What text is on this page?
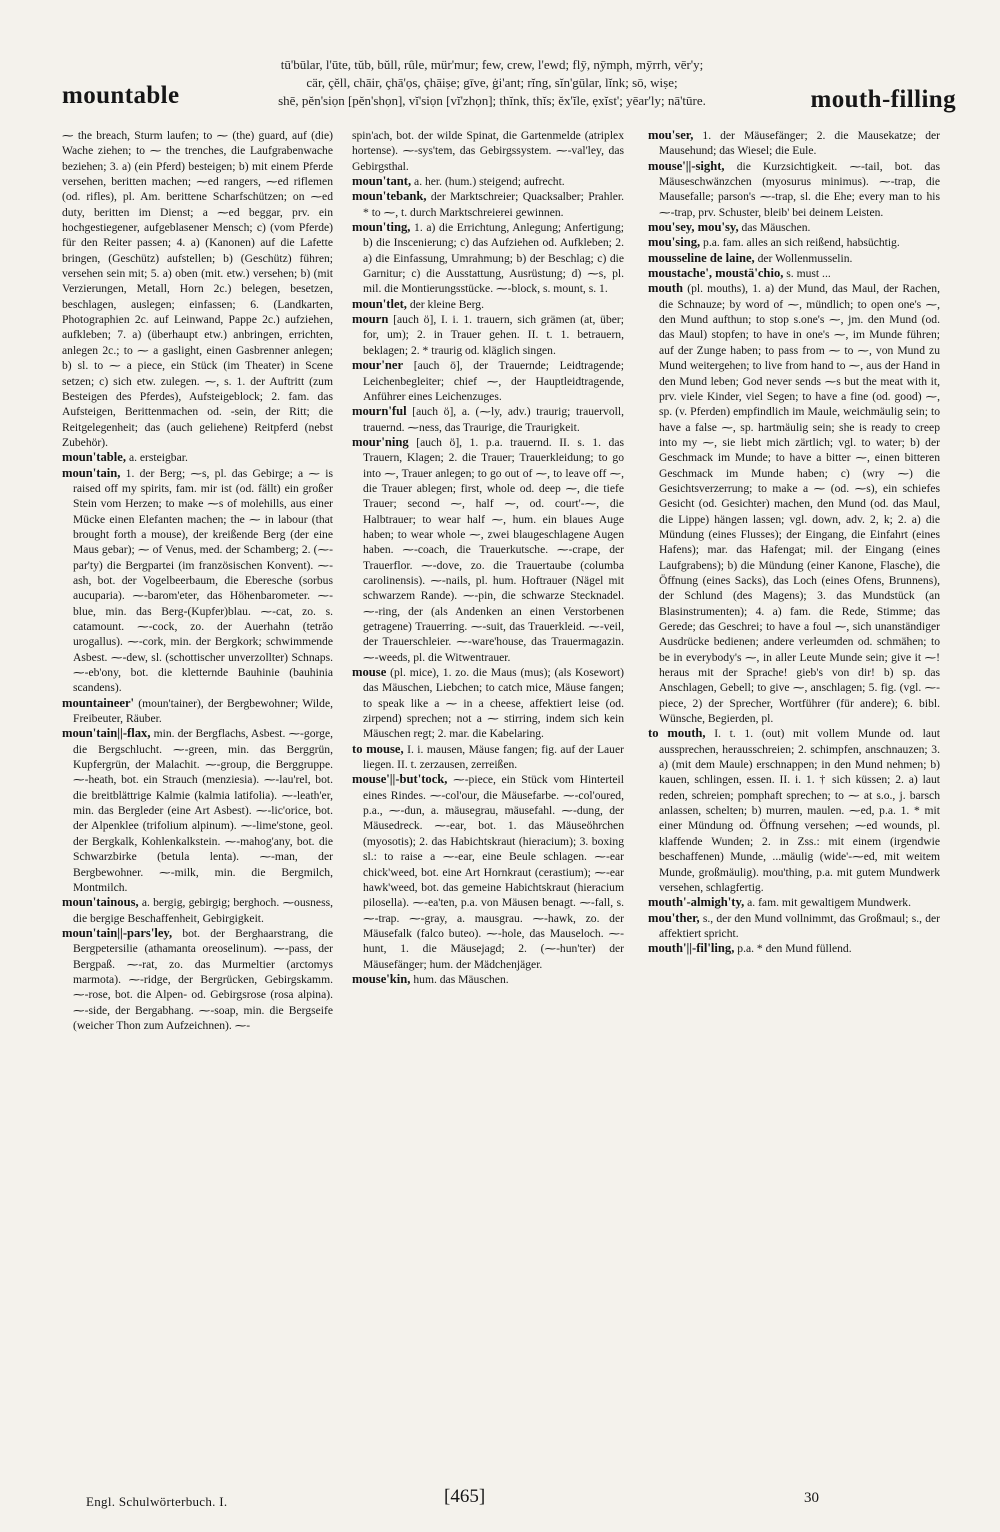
mountable	mouth-filling
tū'būlar, l'ūte, tŭb, bŭll, rûle, mür'mur; few, crew, l'ewd; flȳ, nȳmph, mȳrrh, vēr'y;
cär, çĕll, chāir, çhā'ọs, çhāiṣe; gīve, ġi'ant; rĭng, sĭn'gūlar, lĭnk; sō, wiṣe;
shē, pĕn'siọn [pĕn'shọn], vĭ'siọn [vĭ'zhọn]; thĭnk, thĭs; ĕx'ĭle, ẹxĭst'; yēar'ly; nā'tūre.

⁓ the breach, Sturm laufen; to ⁓ (the) guard, auf (die) Wache ziehen; to ⁓ the trenches, die Laufgrabenwache beziehen; 3. a) (ein Pferd) besteigen; b) mit einem Pferde versehen, beritten machen; ⁓ed rangers, ⁓ed riflemen (od. rifles), pl. Am. berittene Scharfschützen; on ⁓ed duty, beritten im Dienst; a ⁓ed beggar, prv. ein hochgestiegener, aufgeblasener Mensch; c) (vom Pferde) für den Reiter passen; 4. a) (Kanonen) auf die Lafette bringen, (Geschütz) aufstellen; b) (Geschütz) führen; versehen sein mit; 5. a) oben (mit. etw.) versehen; b) (mit Verzierungen, Metall, Horn 2c.) belegen, besetzen, beschlagen, auslegen; einfassen; 6. (Landkarten, Photographien 2c. auf Leinwand, Pappe 2c.) aufziehen, aufkleben; 7. a) (überhaupt etw.) anbringen, errichten, anlegen 2c.; to ⁓ a gaslight, einen Gasbrenner anlegen; b) sl. to ⁓ a piece, ein Stück (im Theater) in Scene setzen; c) sich etw. zulegen. ⁓, s. 1. der Auftritt (zum Besteigen des Pferdes), Aufsteigeblock; 2. fam. das Aufsteigen, Berittenmachen od. -sein, der Ritt; die Reitgelegenheit; das (auch geliehene) Reitpferd (nebst Zubehör).

moun'table, a. ersteigbar.

moun'tain, 1. der Berg; ⁓s, pl. das Gebirge; a ⁓ is raised off my spirits, fam. mir ist (od. fällt) ein großer Stein vom Herzen; to make ⁓s of molehills, aus einer Mücke einen Elefanten machen; the ⁓ in labour (that brought forth a mouse), der kreißende Berg (der eine Maus gebar); ⁓ of Venus, med. der Schamberg; 2. (⁓-par'ty) die Bergpartei (im französischen Konvent). ⁓-ash, bot. der Vogelbeerbaum, die Eberesche (sorbus aucuparia). ⁓-barom'eter, das Höhenbarometer. ⁓-blue, min. das Berg-(Kupfer)blau. ⁓-cat, zo. s. catamount. ⁓-cock, zo. der Auerhahn (tetrăo urogallus). ⁓-cork, min. der Bergkork; schwimmende Asbest. ⁓-dew, sl. (schottischer unverzollter) Schnaps. ⁓-eb'ony, bot. die kletternde Bauhinie (bauhinia scandens).

mountaineer' (moun'tainer), der Bergbewohner; Wilde, Freibeuter, Räuber.

moun'tain||-flax, min. der Bergflachs, Asbest. ⁓-gorge, die Bergschlucht. ⁓-green, min. das Berggrün, Kupfergrün, der Malachit. ⁓-group, die Berggruppe. ⁓-heath, bot. ein Strauch (menziesia). ⁓-lau'rel, bot. die breitblättrige Kalmie (kalmia latifolia). ⁓-leath'er, min. das Bergleder (eine Art Asbest). ⁓-lic'orice, bot. der Alpenklee (trifolium alpinum). ⁓-lime'stone, geol. der Bergkalk, Kohlenkalkstein. ⁓-mahog'any, bot. die Schwarzbirke (betula lenta). ⁓-man, der Bergbewohner. ⁓-milk, min. die Bergmilch, Montmilch.

moun'tainous, a. bergig, gebirgig; berghoch. ⁓ousness, die bergige Beschaffenheit, Gebirgigkeit.

moun'tain||-pars'ley, bot. der Berghaarstrang, die Bergpetersilie (athamanta oreoselinum). ⁓-pass, der Bergpaß. ⁓-rat, zo. das Murmeltier (arctomys marmota). ⁓-ridge, der Bergrücken, Gebirgskamm. ⁓-rose, bot. die Alpen- od. Gebirgsrose (rosa alpina). ⁓-side, der Bergabhang. ⁓-soap, min. die Bergseife (weicher Thon zum Aufzeichnen). ⁓-

spin'ach, bot. der wilde Spinat, die Gartenmelde (atriplex hortense). ⁓-sys'tem, das Gebirgssystem. ⁓-val'ley, das Gebirgsthal.

moun'tant, a. her. (hum.) steigend; aufrecht.

moun'tebank, der Marktschreier; Quacksalber; Prahler. * to ⁓, t. durch Marktschreierei gewinnen.

moun'ting, 1. a) die Errichtung, Anlegung; Anfertigung; b) die Inscenierung; c) das Aufziehen od. Aufkleben; 2. a) die Einfassung, Umrahmung; b) der Beschlag; c) die Garnitur; c) die Ausstattung, Ausrüstung; d) ⁓s, pl. mil. die Montierungsstücke. ⁓-block, s. mount, s. 1.

moun'tlet, der kleine Berg.

mourn [auch ö], I. i. 1. trauern, sich grämen (at, über; for, um); 2. in Trauer gehen. II. t. 1. betrauern, beklagen; 2. * traurig od. kläglich singen.

mour'ner [auch ö], der Trauernde; Leidtragende; Leichenbegleiter; chief ⁓, der Hauptleidtragende, Anführer eines Leichenzuges.

mourn'ful [auch ö], a. (⁓ly, adv.) traurig; trauervoll, trauernd. ⁓ness, das Traurige, die Traurigkeit.

mour'ning [auch ö], 1. p.a. trauernd. II. s. 1. das Trauern, Klagen; 2. die Trauer; Trauerkleidung; to go into ⁓, Trauer anlegen; to go out of ⁓, to leave off ⁓, die Trauer ablegen; first, whole od. deep ⁓, die tiefe Trauer; second ⁓, half ⁓, od. court'-⁓, die Halbtrauer; to wear half ⁓, hum. ein blaues Auge haben; to wear whole ⁓, zwei blaugeschlagene Augen haben. ⁓-coach, die Trauerkutsche. ⁓-crape, der Trauerflor. ⁓-dove, zo. die Trauertaube (columba carolinensis). ⁓-nails, pl. hum. Hoftrauer (Nägel mit schwarzem Rande). ⁓-pin, die schwarze Stecknadel. ⁓-ring, der (als Andenken an einen Verstorbenen getragene) Trauerring. ⁓-suit, das Trauerkleid. ⁓-veil, der Trauerschleier. ⁓-ware'house, das Trauermagazin. ⁓-weeds, pl. die Witwentrauer.

mouse (pl. mice), 1. zo. die Maus (mus); (als Kosewort) das Mäuschen, Liebchen; to catch mice, Mäuse fangen; to speak like a ⁓ in a cheese, affektiert leise (od. zirpend) sprechen; not a ⁓ stirring, indem sich kein Mäuschen regt; 2. mar. die Kabelaring.

to mouse, I. i. mausen, Mäuse fangen; fig. auf der Lauer liegen. II. t. zerzausen, zerreißen.

mouse'||-but'tock, ⁓-piece, ein Stück vom Hinterteil eines Rindes. ⁓-col'our, die Mäusefarbe. ⁓-col'oured, p.a., ⁓-dun, a. mäusegrau, mäusefahl. ⁓-dung, der Mäusedreck. ⁓-ear, bot. 1. das Mäuseöhrchen (myosotis); 2. das Habichtskraut (hieracium); 3. boxing sl.: to raise a ⁓-ear, eine Beule schlagen. ⁓-ear chick'weed, bot. eine Art Hornkraut (cerastium); ⁓-ear hawk'weed, bot. das gemeine Habichtskraut (hieracium pilosella). ⁓-ea'ten, p.a. von Mäusen benagt. ⁓-fall, s. ⁓-trap. ⁓-gray, a. mausgrau. ⁓-hawk, zo. der Mäusefalk (falco buteo). ⁓-hole, das Mauseloch. ⁓-hunt, 1. die Mäusejagd; 2. (⁓-hun'ter) der Mäusefänger; hum. der Mädchenjäger.

mouse'kin, hum. das Mäuschen.

mou'ser, 1. der Mäusefänger; 2. die Mausekatze; der Mausehund; das Wiesel; die Eule.

mouse'||-sight, die Kurzsichtigkeit. ⁓-tail, bot. das Mäuseschwänzchen (myosurus minimus). ⁓-trap, die Mausefalle; parson's ⁓-trap, sl. die Ehe; every man to his ⁓-trap, prv. Schuster, bleib' bei deinem Leisten.

mou'sey, mou'sy, das Mäuschen.

mou'sing, p.a. fam. alles an sich reißend, habsüchtig.

mousseline de laine, der Wollenmusselin.

moustache', moustä'chio, s. must ...

mouth (pl. mouths), 1. a) der Mund, das Maul, der Rachen, die Schnauze; by word of ⁓, mündlich; to open one's ⁓, den Mund aufthun; to stop s.one's ⁓, jm. den Mund (od. das Maul) stopfen; to have in one's ⁓, im Munde führen; auf der Zunge haben; to pass from ⁓ to ⁓, von Mund zu Mund weitergehen; to live from hand to ⁓, aus der Hand in den Mund leben; God never sends ⁓s but the meat with it, prv. viele Kinder, viel Segen; to have a fine (od. good) ⁓, sp. (v. Pferden) empfindlich im Maule, weichmäulig sein; to have a false ⁓, sp. hartmäulig sein; she is ready to creep into my ⁓, sie liebt mich zärtlich; vgl. to water; b) der Geschmack im Munde; to have a bitter ⁓, einen bitteren Geschmack im Munde haben; c) (wry ⁓) die Gesichtsverzerrung; to make a ⁓ (od. ⁓s), ein schiefes Gesicht (od. Gesichter) machen, den Mund (od. das Maul, die Lippe) hängen lassen; vgl. down, adv. 2, k; 2. a) die Mündung (eines Flusses); der Eingang, die Einfahrt (eines Hafens); mar. das Hafengat; mil. der Eingang (eines Laufgrabens); b) die Mündung (einer Kanone, Flasche), die Öffnung (eines Sacks), das Loch (eines Ofens, Brunnens), der Schlund (des Magens); 3. das Mundstück (an Blasinstrumenten); 4. a) fam. die Rede, Stimme; das Gerede; das Geschrei; to have a foul ⁓, sich unanständiger Ausdrücke bedienen; andere verleumden od. schmähen; to be in everybody's ⁓, in aller Leute Munde sein; give it ⁓! heraus mit der Sprache! gieb's von dir! b) sp. das Anschlagen, Gebell; to give ⁓, anschlagen; 5. fig. (vgl. ⁓-piece, 2) der Sprecher, Wortführer (für andere); 6. bibl. Wünsche, Begierden, pl.

to mouth, I. t. 1. (out) mit vollem Munde od. laut aussprechen, herausschreien; 2. schimpfen, anschnauzen; 3. a) (mit dem Maule) erschnappen; in den Mund nehmen; b) kauen, schlingen, essen. II. i. 1. † sich küssen; 2. a) laut reden, schreien; pomphaft sprechen; to ⁓ at s.o., j. barsch anlassen, schelten; b) murren, maulen. ⁓ed, p.a. 1. * mit einer Mündung od. Öffnung versehen; ⁓ed wounds, pl. klaffende Wunden; 2. in Zss.: mit einem (irgendwie beschaffenen) Munde, ...mäulig (wide'-⁓ed, mit weitem Munde, großmäulig). mou'thing, p.a. mit gutem Mundwerk versehen, schlagfertig.

mouth'-almigh'ty, a. fam. mit gewaltigem Mundwerk.

mou'ther, s., der den Mund vollnimmt, das Großmaul; s., der affektiert spricht.

mouth'||-fil'ling, p.a. * den Mund füllend.

Engl. Schulwörterbuch. I.	[465]	30
